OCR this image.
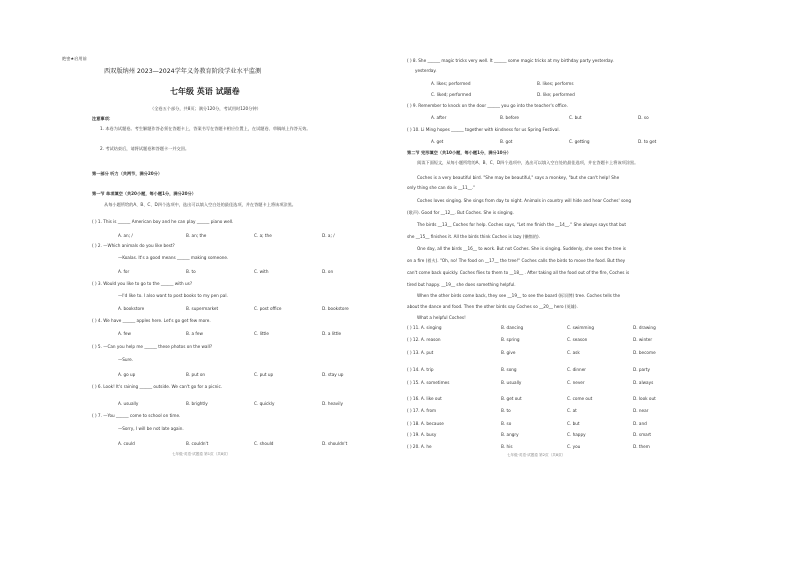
绝密★启用前
西双版纳州 2023—2024学年义务教育阶段学业水平监测
七年级 英语 试题卷
（全卷五个部分，共8页；满分120分，考试用时120分钟）
注意事项：
1. 本卷为试题卷。考生解题作答必须在答题卡上，答案书写在答题卡相应位置上，在试题卷、草稿纸上作答无效。
2. 考试结束后，请将试题卷和答题卡一并交回。
第一部分 听力（共两节，满分20分）
第一节 单项填空（共20小题，每小题1分，满分20分）
从每小题所给的A、B、C、D四个选项中，选出可以填入空白处的最佳选项，并在答题卡上将该项涂黑。
( ) 1. This is ______ American boy and he can play ______ piano well.
A. an; /	B. an; the	C. a; the	D. a; /
( ) 2. —Which animals do you like best?
—Koalas. It's a good means ______ making someone.
A. for	B. to	C. with	D. on
( ) 3. Would you like to go to the ______ with us?
—I'd like to. I also want to post books to my pen pal.
A. bookstore	B. supermarket	C. post office	D. bookstore
( ) 4. We have ______ apples here. Let's go get few more.
A. few	B. a few	C. little	D. a little
( ) 5. —Can you help me ______ these photos on the wall?
—Sure.
A. go up	B. put on	C. put up	D. stay up
( ) 6. Look! It's raining ______ outside. We can't go for a picnic.
A. usually	B. brightly	C. quickly	D. heavily
( ) 7. —You ______ come to school on time.
—Sorry, I will be not late again.
A. could	B. couldn't	C. should	D. shouldn't
七年级·英语·试题卷 第1页（共8页）
( ) 8. She ______ magic tricks very well. It ______ some magic tricks at my birthday party yesterday.
yesterday.
A. likes; performed	B. likes; performs
C. liked; performed	D. like; performed
( ) 9. Remember to knock on the door ______ you go into the teacher's office.
A. after	B. before	C. but	D. so
( ) 10. Li Ming hopes ______ together with kindness for us Spring Festival.
A. get	B. got	C. getting	D. to get
第二节 完形填空（共10小题，每小题1分，满分10分）
阅读下面短文，从每小题所给的A、B、C、D四个选项中，选出可以填入空白处的最佳选项，并在答题卡上将该项涂黑。
Coches is a very beautiful bird. "She may be beautiful," says a monkey, "but she can't help! She
only thing she can do is __11__."
Coches loves singing. She sings from day to night. Animals in country will hide and hear Coches' song
(歌声). Good for __12__. But Coches. She is singing.
The birds __13__ Coches for help. Coches says, "Let me finish the __14__." She always says that but
she __15__ finishes it. All the birds think Coches is lazy (懒惰的).
One day, all the birds __16__ to work. But not Coches. She is singing. Suddenly, she sees the tree is
on a fire (着火). "Oh, no! The food on __17__ the tree!" Coches calls the birds to move the food. But they
can't come back quickly. Coches flies to them to __18__ . After taking all the food out of the fire, Coches is
tired but happy. __19__ she does something helpful.
When the other birds come back, they see __19__ to see the board (标识牌) tree. Coches tells the
about the dance and food. Then the other birds say Coches so __20__ hero (英雄).
What a helpful Coches!
( ) 11. A. singing	B. dancing	C. swimming	D. drawing
( ) 12. A. reason	B. spring	C. season	D. winter
( ) 13. A. put	B. give	C. ask	D. become
( ) 14. A. trip	B. song	C. dinner	D. party
( ) 15. A. sometimes	B. usually	C. never	D. always
( ) 16. A. like out	B. get out	C. come out	D. look out
( ) 17. A. from	B. to	C. at	D. near
( ) 18. A. because	B. so	C. but	D. and
( ) 19. A. busy	B. angry	C. happy	D. smart
( ) 20. A. he	B. his	C. you	D. them
七年级·英语·试题卷 第2页（共8页）
